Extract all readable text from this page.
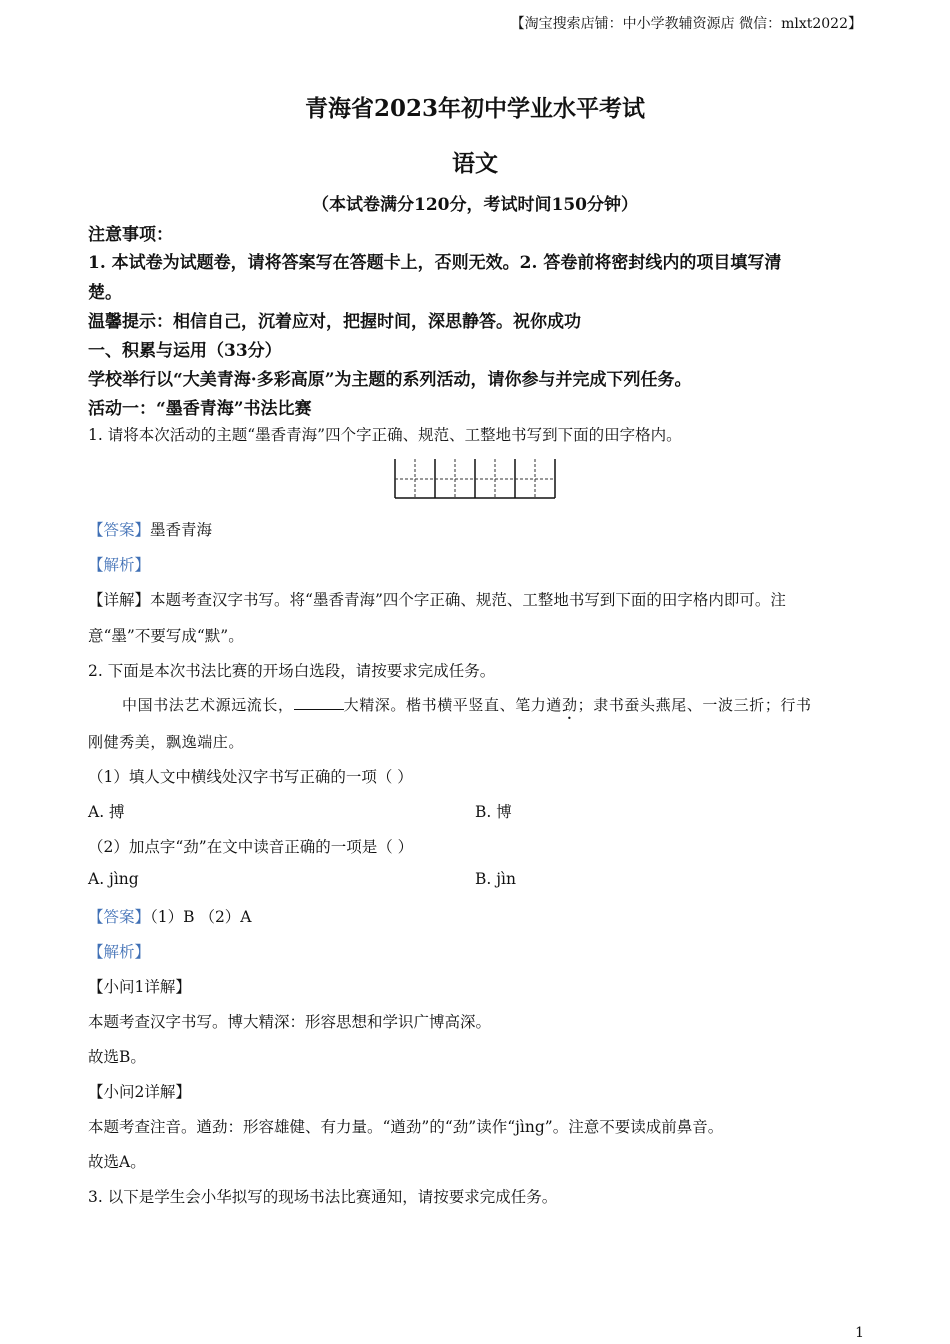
【淘宝搜索店铺：中小学教辅资源店 微信：mlxt2022】
青海省2023年初中学业水平考试
语文
（本试卷满分120分，考试时间150分钟）
注意事项：
1. 本试卷为试题卷，请将答案写在答题卡上，否则无效。2. 答卷前将密封线内的项目填写清
楚。
温馨提示：相信自己，沉着应对，把握时间，深思静答。祝你成功
一、积累与运用（33分）
学校举行以“大美青海·多彩高原”为主题的系列活动，请你参与并完成下列任务。
活动一：“墨香青海”书法比赛
1. 请将本次活动的主题“墨香青海”四个字正确、规范、工整地书写到下面的田字格内。
【答案】墨香青海
【解析】
【详解】本题考查汉字书写。将“墨香青海”四个字正确、规范、工整地书写到下面的田字格内即可。注
意“墨”不要写成“默”。
2. 下面是本次书法比赛的开场白选段，请按要求完成任务。
中国书法艺术源远流长，	大精深。楷书横平竖直、笔力遒劲；隶书蚕头燕尾、一波三折；行书
刚健秀美，飘逸端庄。
（1）填人文中横线处汉字书写正确的一项（ ）
A. 搏	B. 博
（2）加点字“劲”在文中读音正确的一项是（ ）
A. jìng	B. jìn
【答案】（1）B （2）A
【解析】
【小问1详解】
本题考查汉字书写。博大精深：形容思想和学识广博高深。
故选B。
【小问2详解】
本题考查注音。遒劲：形容雄健、有力量。“遒劲”的“劲”读作“jìng”。注意不要读成前鼻音。
故选A。
3. 以下是学生会小华拟写的现场书法比赛通知，请按要求完成任务。
1
